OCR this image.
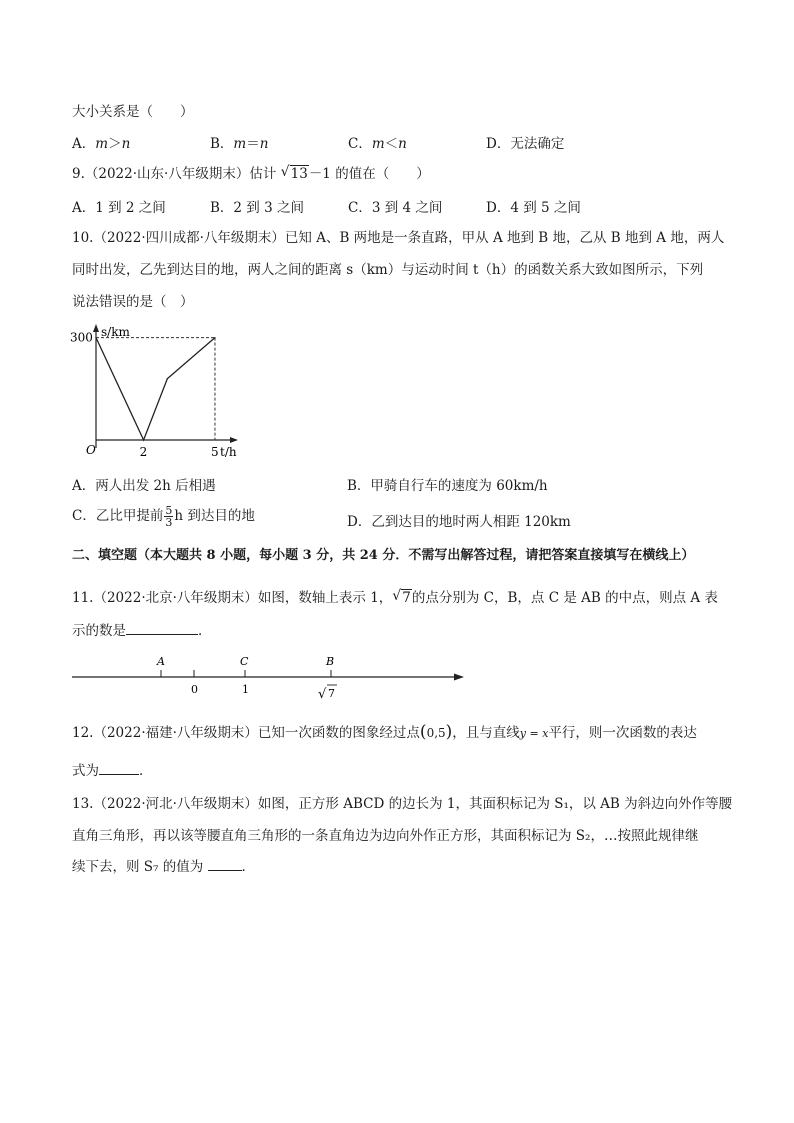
大小关系是（　　）
A．m＞n	B．m＝n	C．m＜n	D．无法确定
9.（2022·山东·八年级期末）估计 √ 13－1 的值在（　　）
A．1 到 2 之间	B．2 到 3 之间	C．3 到 4 之间	D．4 到 5 之间
10.（2022·四川成都·八年级期末）已知 A、B 两地是一条直路，甲从 A 地到 B 地，乙从 B 地到 A 地，两人
同时出发，乙先到达目的地，两人之间的距离 s（km）与运动时间 t（h）的函数关系大致如图所示，下列
说法错误的是（　）
2	5
300 s/km
t/h
O
A．两人出发 2h 后相遇	B．甲骑自行车的速度为 60km/h
C．乙比甲提前 $\frac{5}{3}$ h 到达目的地	D．乙到达目的地时两人相距 120km
二、填空题（本大题共 8 小题，每小题 3 分，共 24 分．不需写出解答过程，请把答案直接填写在横线上）
11.（2022·北京·八年级期末）如图，数轴上表示 1， √ 7的点分别为 C，B，点 C 是 AB 的中点，则点 A 表
示的数是	．
A	C	B
0	1	√ 7
12.（2022·福建·八年级期末）已知一次函数的图象经过点(0,5)，且与直线y = x平行，则一次函数的表达
式为	．
13.（2022·河北·八年级期末）如图，正方形 ABCD 的边长为 1，其面积标记为 S₁，以 AB 为斜边向外作等腰
直角三角形，再以该等腰直角三角形的一条直角边为边向外作正方形，其面积标记为 S₂，…按照此规律继
续下去，则 S₇ 的值为	．
